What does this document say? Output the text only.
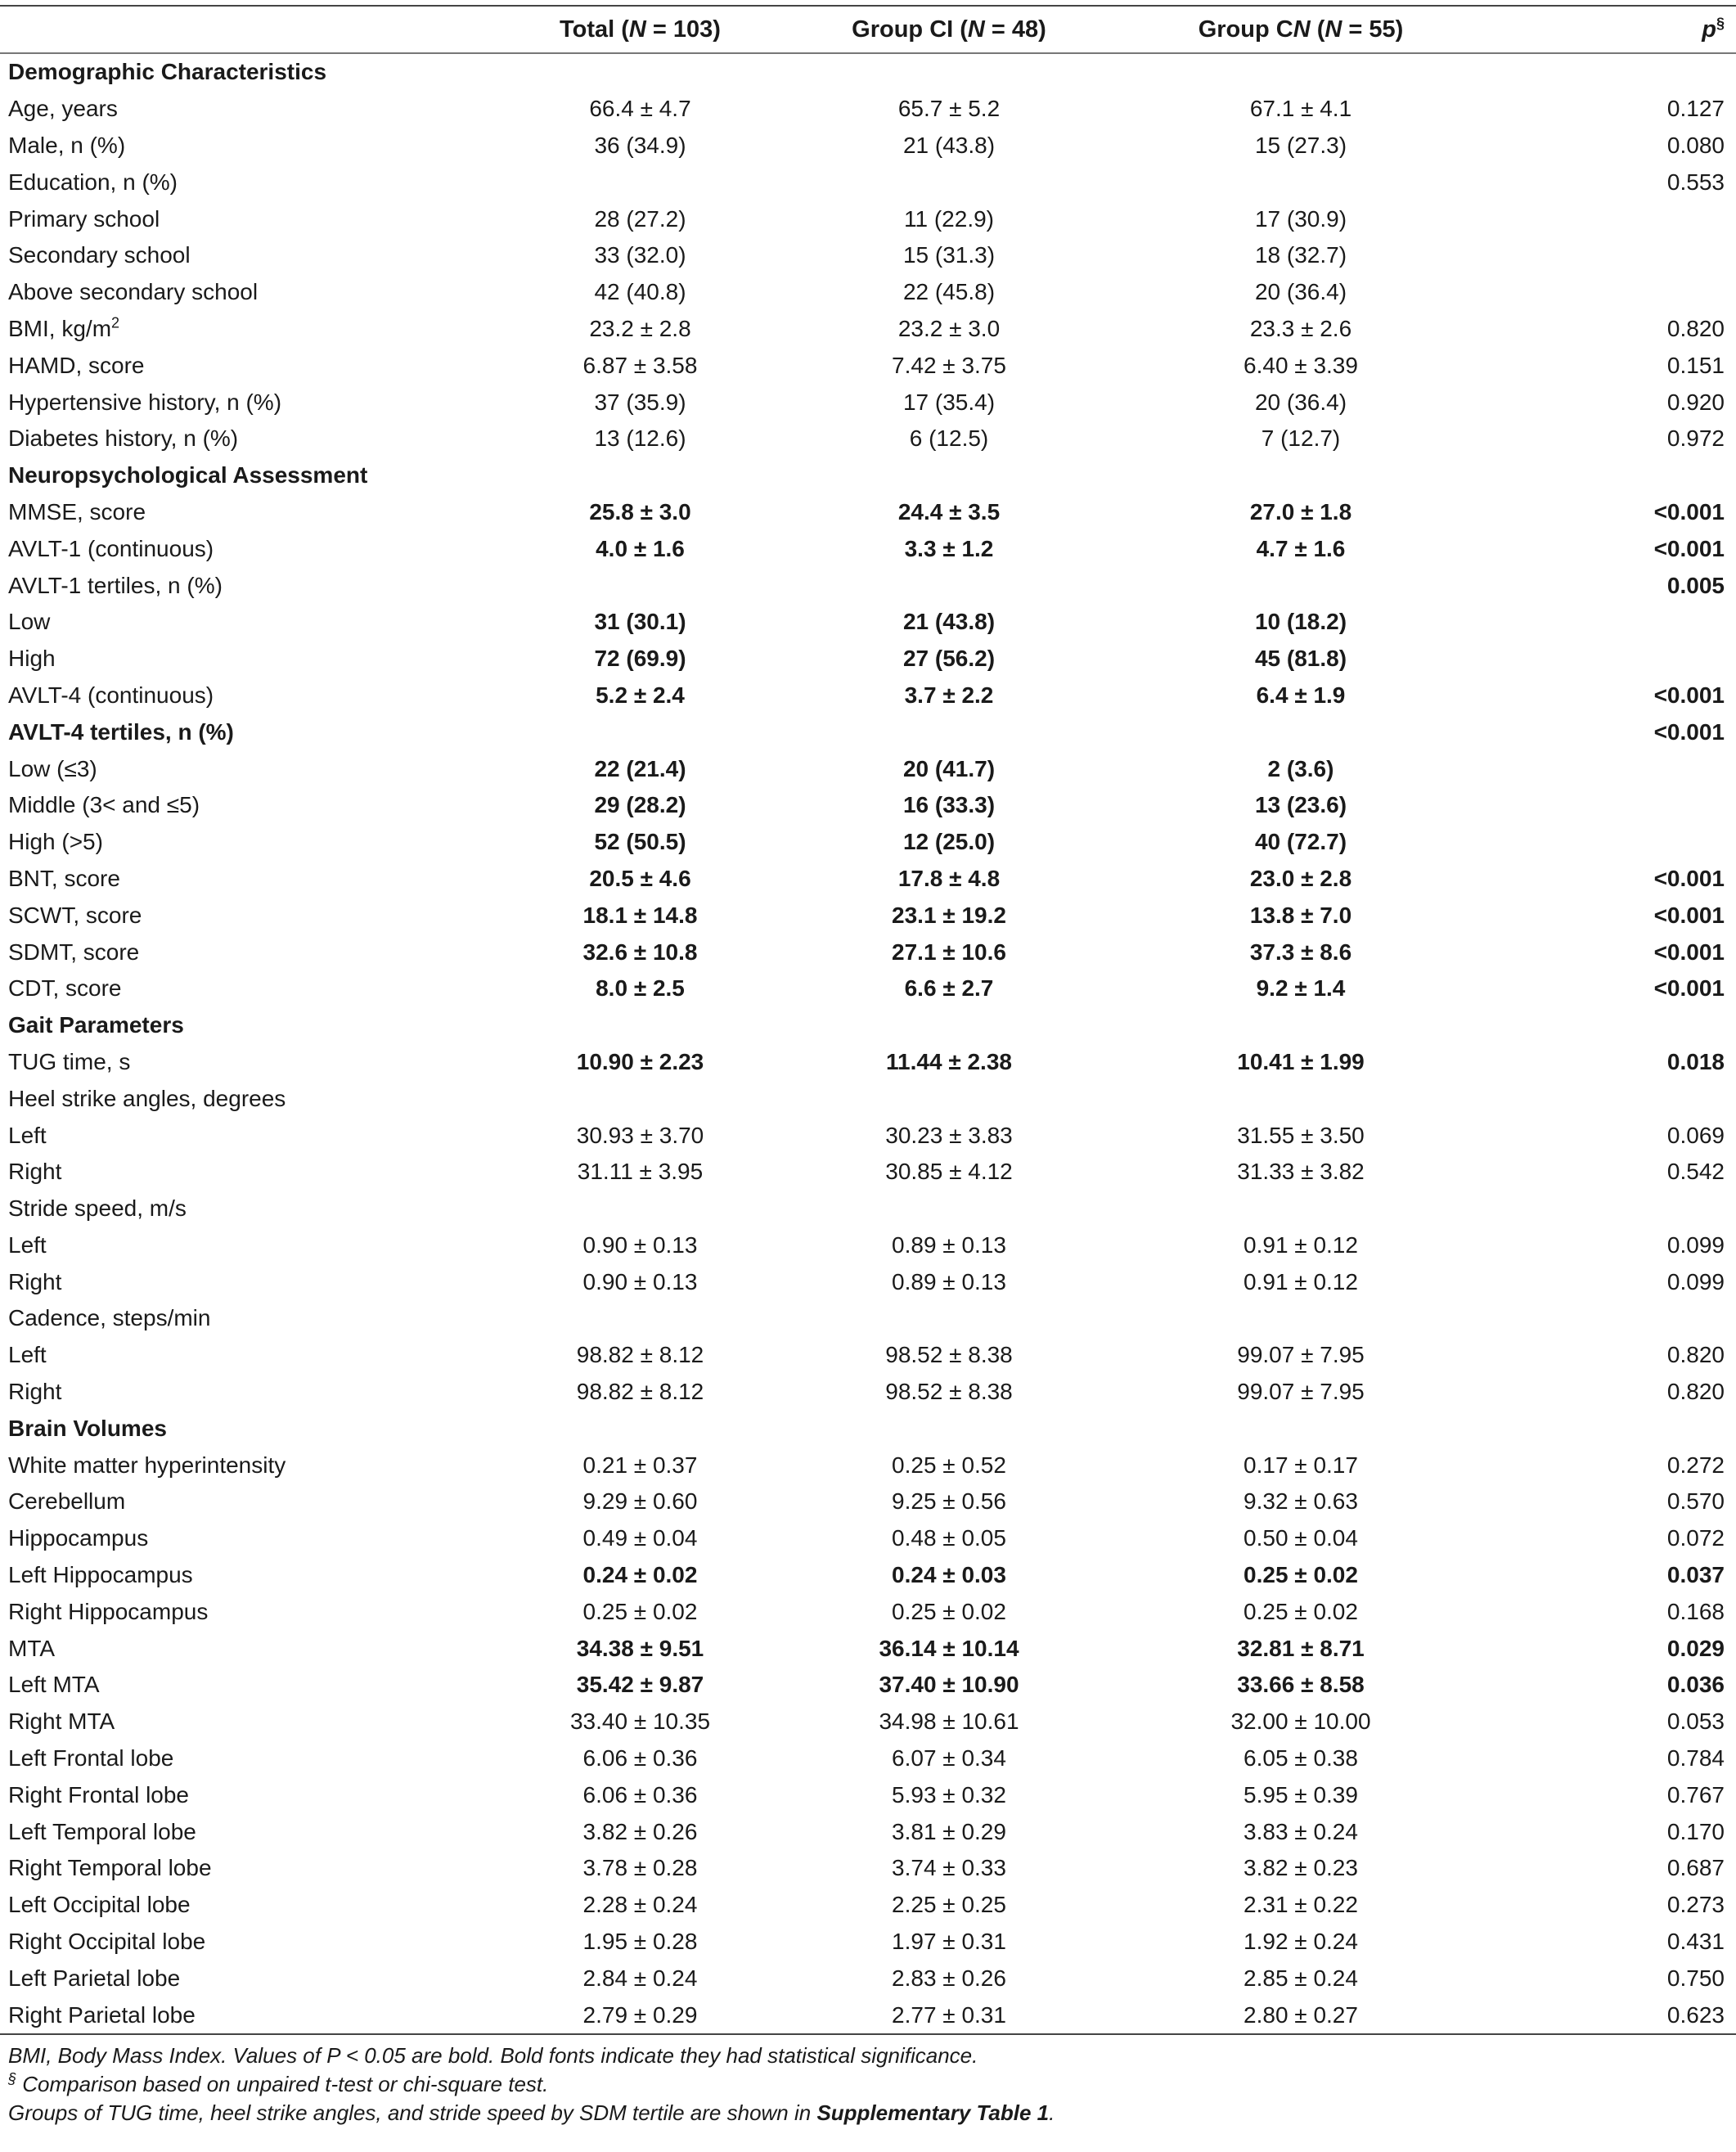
	Total (N = 103)	Group CI (N = 48)	Group CN (N = 55)	p§
Demographic Characteristics				
Age, years	66.4 ± 4.7	65.7 ± 5.2	67.1 ± 4.1	0.127
Male, n (%)	36 (34.9)	21 (43.8)	15 (27.3)	0.080
Education, n (%)				0.553
Primary school	28 (27.2)	11 (22.9)	17 (30.9)	
Secondary school	33 (32.0)	15 (31.3)	18 (32.7)	
Above secondary school	42 (40.8)	22 (45.8)	20 (36.4)	
BMI, $kg/m^2$	23.2 ± 2.8	23.2 ± 3.0	23.3 ± 2.6	0.820
HAMD, score	6.87 ± 3.58	7.42 ± 3.75	6.40 ± 3.39	0.151
Hypertensive history, n (%)	37 (35.9)	17 (35.4)	20 (36.4)	0.920
Diabetes history, n (%)	13 (12.6)	6 (12.5)	7 (12.7)	0.972
Neuropsychological Assessment				
MMSE, score	25.8 ± 3.0	24.4 ± 3.5	27.0 ± 1.8	<0.001
AVLT-1 (continuous)	4.0 ± 1.6	3.3 ± 1.2	4.7 ± 1.6	<0.001
AVLT-1 tertiles, n (%)				0.005
Low	31 (30.1)	21 (43.8)	10 (18.2)	
High	72 (69.9)	27 (56.2)	45 (81.8)	
AVLT-4 (continuous)	5.2 ± 2.4	3.7 ± 2.2	6.4 ± 1.9	<0.001
AVLT-4 tertiles, n (%)				<0.001
Low (≤3)	22 (21.4)	20 (41.7)	2 (3.6)	
Middle (3< and ≤5)	29 (28.2)	16 (33.3)	13 (23.6)	
High (>5)	52 (50.5)	12 (25.0)	40 (72.7)	
BNT, score	20.5 ± 4.6	17.8 ± 4.8	23.0 ± 2.8	<0.001
SCWT, score	18.1 ± 14.8	23.1 ± 19.2	13.8 ± 7.0	<0.001
SDMT, score	32.6 ± 10.8	27.1 ± 10.6	37.3 ± 8.6	<0.001
CDT, score	8.0 ± 2.5	6.6 ± 2.7	9.2 ± 1.4	<0.001
Gait Parameters				
TUG time, s	10.90 ± 2.23	11.44 ± 2.38	10.41 ± 1.99	0.018
Heel strike angles, degrees				
Left	30.93 ± 3.70	30.23 ± 3.83	31.55 ± 3.50	0.069
Right	31.11 ± 3.95	30.85 ± 4.12	31.33 ± 3.82	0.542
Stride speed, m/s				
Left	0.90 ± 0.13	0.89 ± 0.13	0.91 ± 0.12	0.099
Right	0.90 ± 0.13	0.89 ± 0.13	0.91 ± 0.12	0.099
Cadence, steps/min				
Left	98.82 ± 8.12	98.52 ± 8.38	99.07 ± 7.95	0.820
Right	98.82 ± 8.12	98.52 ± 8.38	99.07 ± 7.95	0.820
Brain Volumes				
White matter hyperintensity	0.21 ± 0.37	0.25 ± 0.52	0.17 ± 0.17	0.272
Cerebellum	9.29 ± 0.60	9.25 ± 0.56	9.32 ± 0.63	0.570
Hippocampus	0.49 ± 0.04	0.48 ± 0.05	0.50 ± 0.04	0.072
Left Hippocampus	0.24 ± 0.02	0.24 ± 0.03	0.25 ± 0.02	0.037
Right Hippocampus	0.25 ± 0.02	0.25 ± 0.02	0.25 ± 0.02	0.168
MTA	34.38 ± 9.51	36.14 ± 10.14	32.81 ± 8.71	0.029
Left MTA	35.42 ± 9.87	37.40 ± 10.90	33.66 ± 8.58	0.036
Right MTA	33.40 ± 10.35	34.98 ± 10.61	32.00 ± 10.00	0.053
Left Frontal lobe	6.06 ± 0.36	6.07 ± 0.34	6.05 ± 0.38	0.784
Right Frontal lobe	6.06 ± 0.36	5.93 ± 0.32	5.95 ± 0.39	0.767
Left Temporal lobe	3.82 ± 0.26	3.81 ± 0.29	3.83 ± 0.24	0.170
Right Temporal lobe	3.78 ± 0.28	3.74 ± 0.33	3.82 ± 0.23	0.687
Left Occipital lobe	2.28 ± 0.24	2.25 ± 0.25	2.31 ± 0.22	0.273
Right Occipital lobe	1.95 ± 0.28	1.97 ± 0.31	1.92 ± 0.24	0.431
Left Parietal lobe	2.84 ± 0.24	2.83 ± 0.26	2.85 ± 0.24	0.750
Right Parietal lobe	2.79 ± 0.29	2.77 ± 0.31	2.80 ± 0.27	0.623
BMI, Body Mass Index. Values of P < 0.05 are bold. Bold fonts indicate they had statistical significance.
§ Comparison based on unpaired t-test or chi-square test.
Groups of TUG time, heel strike angles, and stride speed by SDM tertile are shown in Supplementary Table 1.
